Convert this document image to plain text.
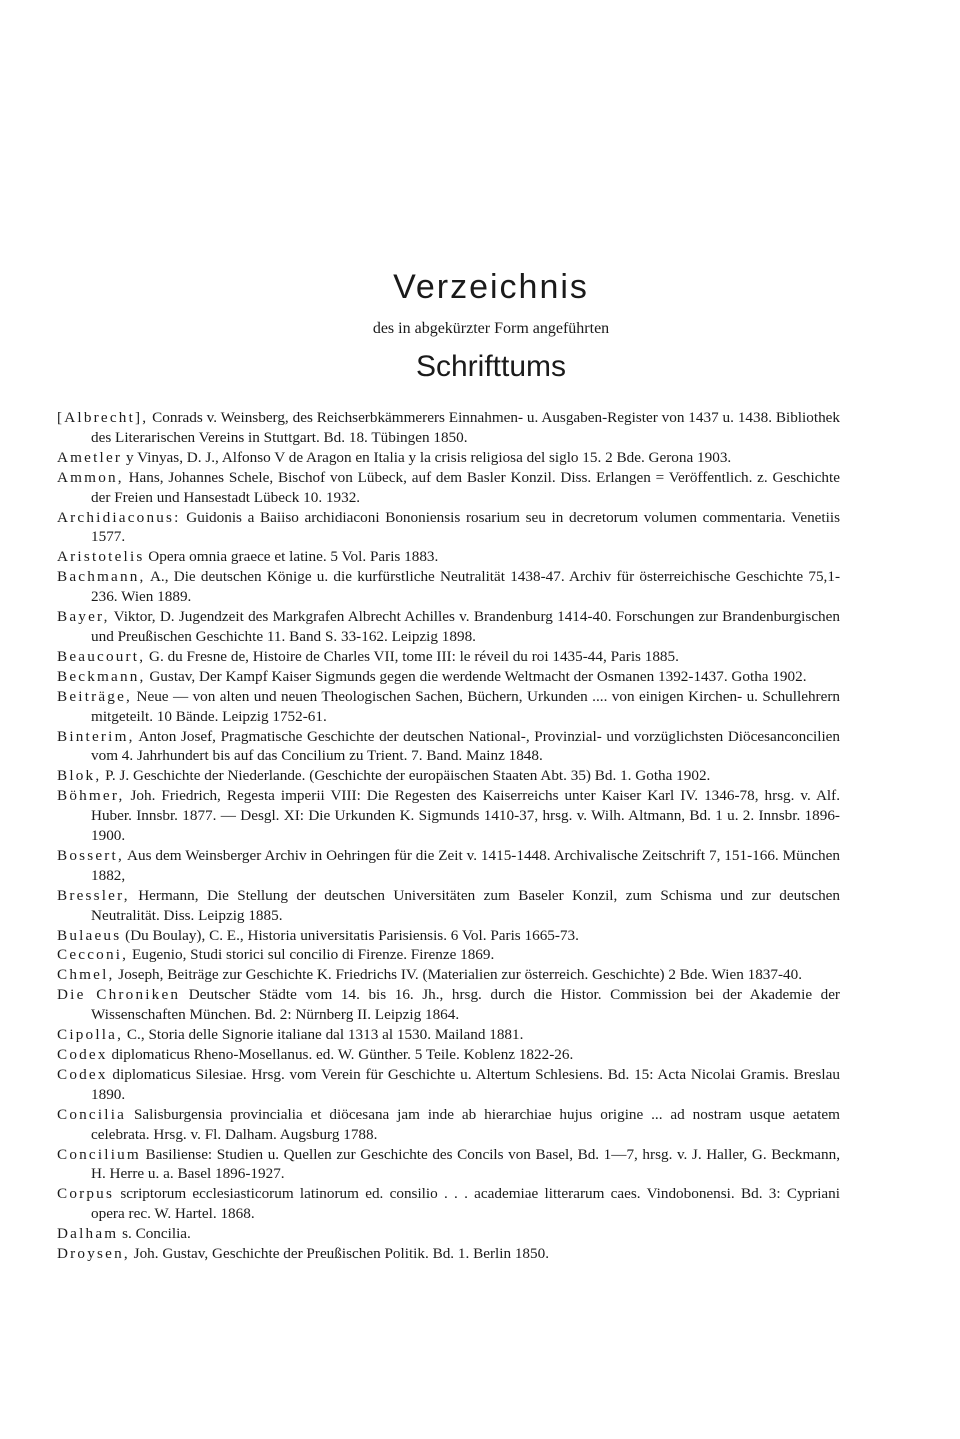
Verzeichnis

des in abgekürzter Form angeführten

Schrifttums
[Albrecht], Conrads v. Weinsberg, des Reichserbkämmerers Einnahmen- u. Ausgaben-Register von 1437 u. 1438. Bibliothek des Literarischen Vereins in Stuttgart. Bd. 18. Tübingen 1850.
Ametler y Vinyas, D. J., Alfonso V de Aragon en Italia y la crisis religiosa del siglo 15. 2 Bde. Gerona 1903.
Ammon, Hans, Johannes Schele, Bischof von Lübeck, auf dem Basler Konzil. Diss. Erlangen = Veröffentlich. z. Geschichte der Freien und Hansestadt Lübeck 10. 1932.
Archidiaconus: Guidonis a Baiiso archidiaconi Bononiensis rosarium seu in decretorum volumen commentaria. Venetiis 1577.
Aristotelis Opera omnia graece et latine. 5 Vol. Paris 1883.
Bachmann, A., Die deutschen Könige u. die kurfürstliche Neutralität 1438-47. Archiv für österreichische Geschichte 75,1-236. Wien 1889.
Bayer, Viktor, D. Jugendzeit des Markgrafen Albrecht Achilles v. Brandenburg 1414-40. Forschungen zur Brandenburgischen und Preußischen Geschichte 11. Band S. 33-162. Leipzig 1898.
Beaucourt, G. du Fresne de, Histoire de Charles VII, tome III: le réveil du roi 1435-44, Paris 1885.
Beckmann, Gustav, Der Kampf Kaiser Sigmunds gegen die werdende Weltmacht der Osmanen 1392-1437. Gotha 1902.
Beiträge, Neue — von alten und neuen Theologischen Sachen, Büchern, Urkunden .... von einigen Kirchen- u. Schullehrern mitgeteilt. 10 Bände. Leipzig 1752-61.
Binterim, Anton Josef, Pragmatische Geschichte der deutschen National-, Provinzial- und vorzüglichsten Diöcesanconcilien vom 4. Jahrhundert bis auf das Concilium zu Trient. 7. Band. Mainz 1848.
Blok, P. J. Geschichte der Niederlande. (Geschichte der europäischen Staaten Abt. 35) Bd. 1. Gotha 1902.
Böhmer, Joh. Friedrich, Regesta imperii VIII: Die Regesten des Kaiserreichs unter Kaiser Karl IV. 1346-78, hrsg. v. Alf. Huber. Innsbr. 1877. — Desgl. XI: Die Urkunden K. Sigmunds 1410-37, hrsg. v. Wilh. Altmann, Bd. 1 u. 2. Innsbr. 1896-1900.
Bossert, Aus dem Weinsberger Archiv in Oehringen für die Zeit v. 1415-1448. Archivalische Zeitschrift 7, 151-166. München 1882,
Bressler, Hermann, Die Stellung der deutschen Universitäten zum Baseler Konzil, zum Schisma und zur deutschen Neutralität. Diss. Leipzig 1885.
Bulaeus (Du Boulay), C. E., Historia universitatis Parisiensis. 6 Vol. Paris 1665-73.
Cecconi, Eugenio, Studi storici sul concilio di Firenze. Firenze 1869.
Chmel, Joseph, Beiträge zur Geschichte K. Friedrichs IV. (Materialien zur österreich. Geschichte) 2 Bde. Wien 1837-40.
Die Chroniken Deutscher Städte vom 14. bis 16. Jh., hrsg. durch die Histor. Commission bei der Akademie der Wissenschaften München. Bd. 2: Nürnberg II. Leipzig 1864.
Cipolla, C., Storia delle Signorie italiane dal 1313 al 1530. Mailand 1881.
Codex diplomaticus Rheno-Mosellanus. ed. W. Günther. 5 Teile. Koblenz 1822-26.
Codex diplomaticus Silesiae. Hrsg. vom Verein für Geschichte u. Altertum Schlesiens. Bd. 15: Acta Nicolai Gramis. Breslau 1890.
Concilia Salisburgensia provincialia et diöcesana jam inde ab hierarchiae hujus origine ... ad nostram usque aetatem celebrata. Hrsg. v. Fl. Dalham. Augsburg 1788.
Concilium Basiliense: Studien u. Quellen zur Geschichte des Concils von Basel, Bd. 1—7, hrsg. v. J. Haller, G. Beckmann, H. Herre u. a. Basel 1896-1927.
Corpus scriptorum ecclesiasticorum latinorum ed. consilio . . . academiae litterarum caes. Vindobonensi. Bd. 3: Cypriani opera rec. W. Hartel. 1868.
Dalham s. Concilia.
Droysen, Joh. Gustav, Geschichte der Preußischen Politik. Bd. 1. Berlin 1850.
